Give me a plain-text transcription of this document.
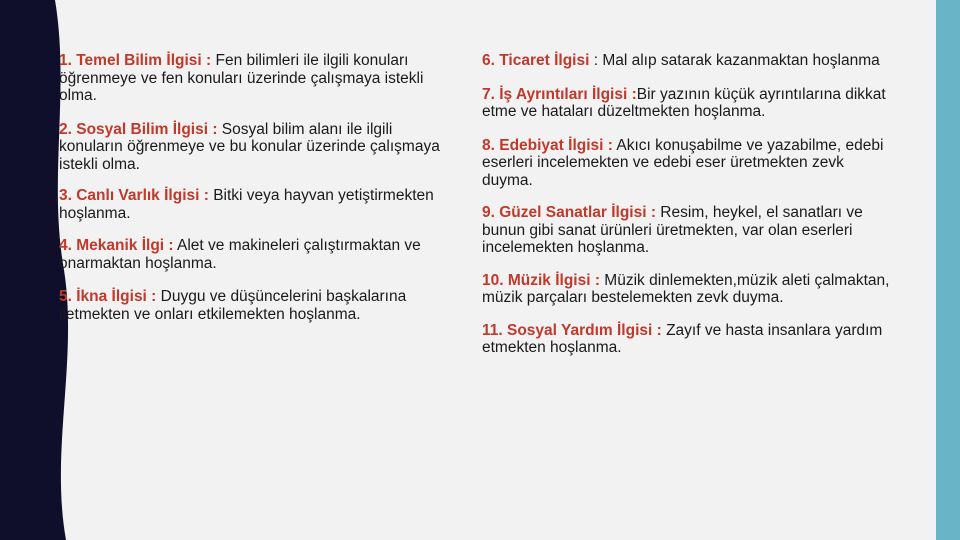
1. Temel Bilim İlgisi : Fen bilimleri ile ilgili konuları öğrenmeye ve fen konuları üzerinde çalışmaya istekli olma.

2. Sosyal Bilim İlgisi : Sosyal bilim alanı ile ilgili konuların öğrenmeye ve bu konular üzerinde çalışmaya istekli olma.

3. Canlı Varlık İlgisi : Bitki veya hayvan yetiştirmekten hoşlanma.

4. Mekanik İlgi : Alet ve makineleri çalıştırmaktan ve onarmaktan hoşlanma.

5. İkna İlgisi : Duygu ve düşüncelerini başkalarına iletmekten ve onları etkilemekten hoşlanma.

6. Ticaret İlgisi : Mal alıp satarak kazanmaktan hoşlanma

7. İş Ayrıntıları İlgisi :Bir yazının küçük ayrıntılarına dikkat etme ve hataları düzeltmekten hoşlanma.

8. Edebiyat İlgisi : Akıcı konuşabilme ve yazabilme, edebi eserleri incelemekten ve edebi eser üretmekten zevk duyma.

9. Güzel Sanatlar İlgisi : Resim, heykel, el sanatları ve bunun gibi sanat ürünleri üretmekten, var olan eserleri incelemekten hoşlanma.

10. Müzik İlgisi : Müzik dinlemekten,müzik aleti çalmaktan, müzik parçaları bestelemekten zevk duyma.

11. Sosyal Yardım İlgisi : Zayıf ve hasta insanlara yardım etmekten hoşlanma.
